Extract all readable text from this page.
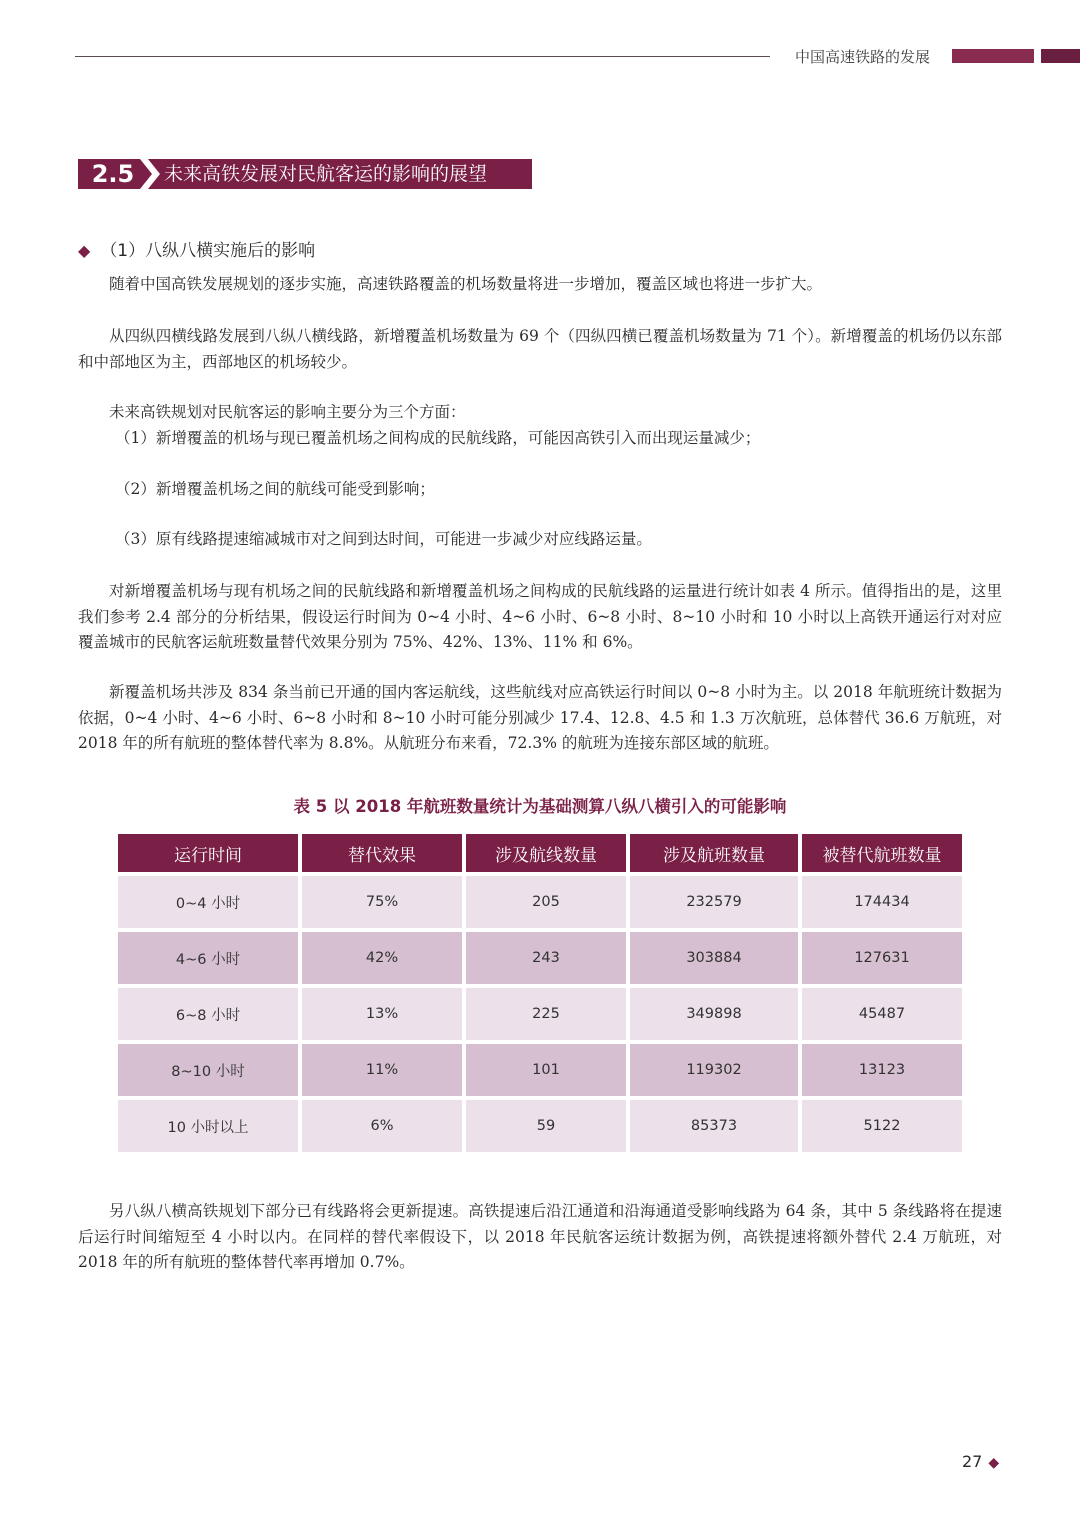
中国高速铁路的发展
2.5	未来高铁发展对民航客运的影响的展望
◆ （1）八纵八横实施后的影响
随着中国高铁发展规划的逐步实施，高速铁路覆盖的机场数量将进一步增加，覆盖区域也将进一步扩大。
从四纵四横线路发展到八纵八横线路，新增覆盖机场数量为 69 个（四纵四横已覆盖机场数量为 71 个）。新增覆盖的机场仍以东部和中部地区为主，西部地区的机场较少。
未来高铁规划对民航客运的影响主要分为三个方面：
（1）新增覆盖的机场与现已覆盖机场之间构成的民航线路，可能因高铁引入而出现运量减少；
（2）新增覆盖机场之间的航线可能受到影响；
（3）原有线路提速缩减城市对之间到达时间，可能进一步减少对应线路运量。
对新增覆盖机场与现有机场之间的民航线路和新增覆盖机场之间构成的民航线路的运量进行统计如表 4 所示。值得指出的是，这里我们参考 2.4 部分的分析结果，假设运行时间为 0~4 小时、4~6 小时、6~8 小时、8~10 小时和 10 小时以上高铁开通运行对对应覆盖城市的民航客运航班数量替代效果分别为 75%、42%、13%、11% 和 6%。
新覆盖机场共涉及 834 条当前已开通的国内客运航线，这些航线对应高铁运行时间以 0~8 小时为主。以 2018 年航班统计数据为依据，0~4 小时、4~6 小时、6~8 小时和 8~10 小时可能分别减少 17.4、12.8、4.5 和 1.3 万次航班，总体替代 36.6 万航班，对 2018 年的所有航班的整体替代率为 8.8%。从航班分布来看，72.3% 的航班为连接东部区域的航班。
表 5 以 2018 年航班数量统计为基础测算八纵八横引入的可能影响
运行时间	替代效果	涉及航线数量	涉及航班数量	被替代航班数量
0~4 小时	75%	205	232579	174434
4~6 小时	42%	243	303884	127631
6~8 小时	13%	225	349898	45487
8~10 小时	11%	101	119302	13123
10 小时以上	6%	59	85373	5122
另八纵八横高铁规划下部分已有线路将会更新提速。高铁提速后沿江通道和沿海通道受影响线路为 64 条，其中 5 条线路将在提速后运行时间缩短至 4 小时以内。在同样的替代率假设下，以 2018 年民航客运统计数据为例，高铁提速将额外替代 2.4 万航班，对 2018 年的所有航班的整体替代率再增加 0.7%。
27 ◆
